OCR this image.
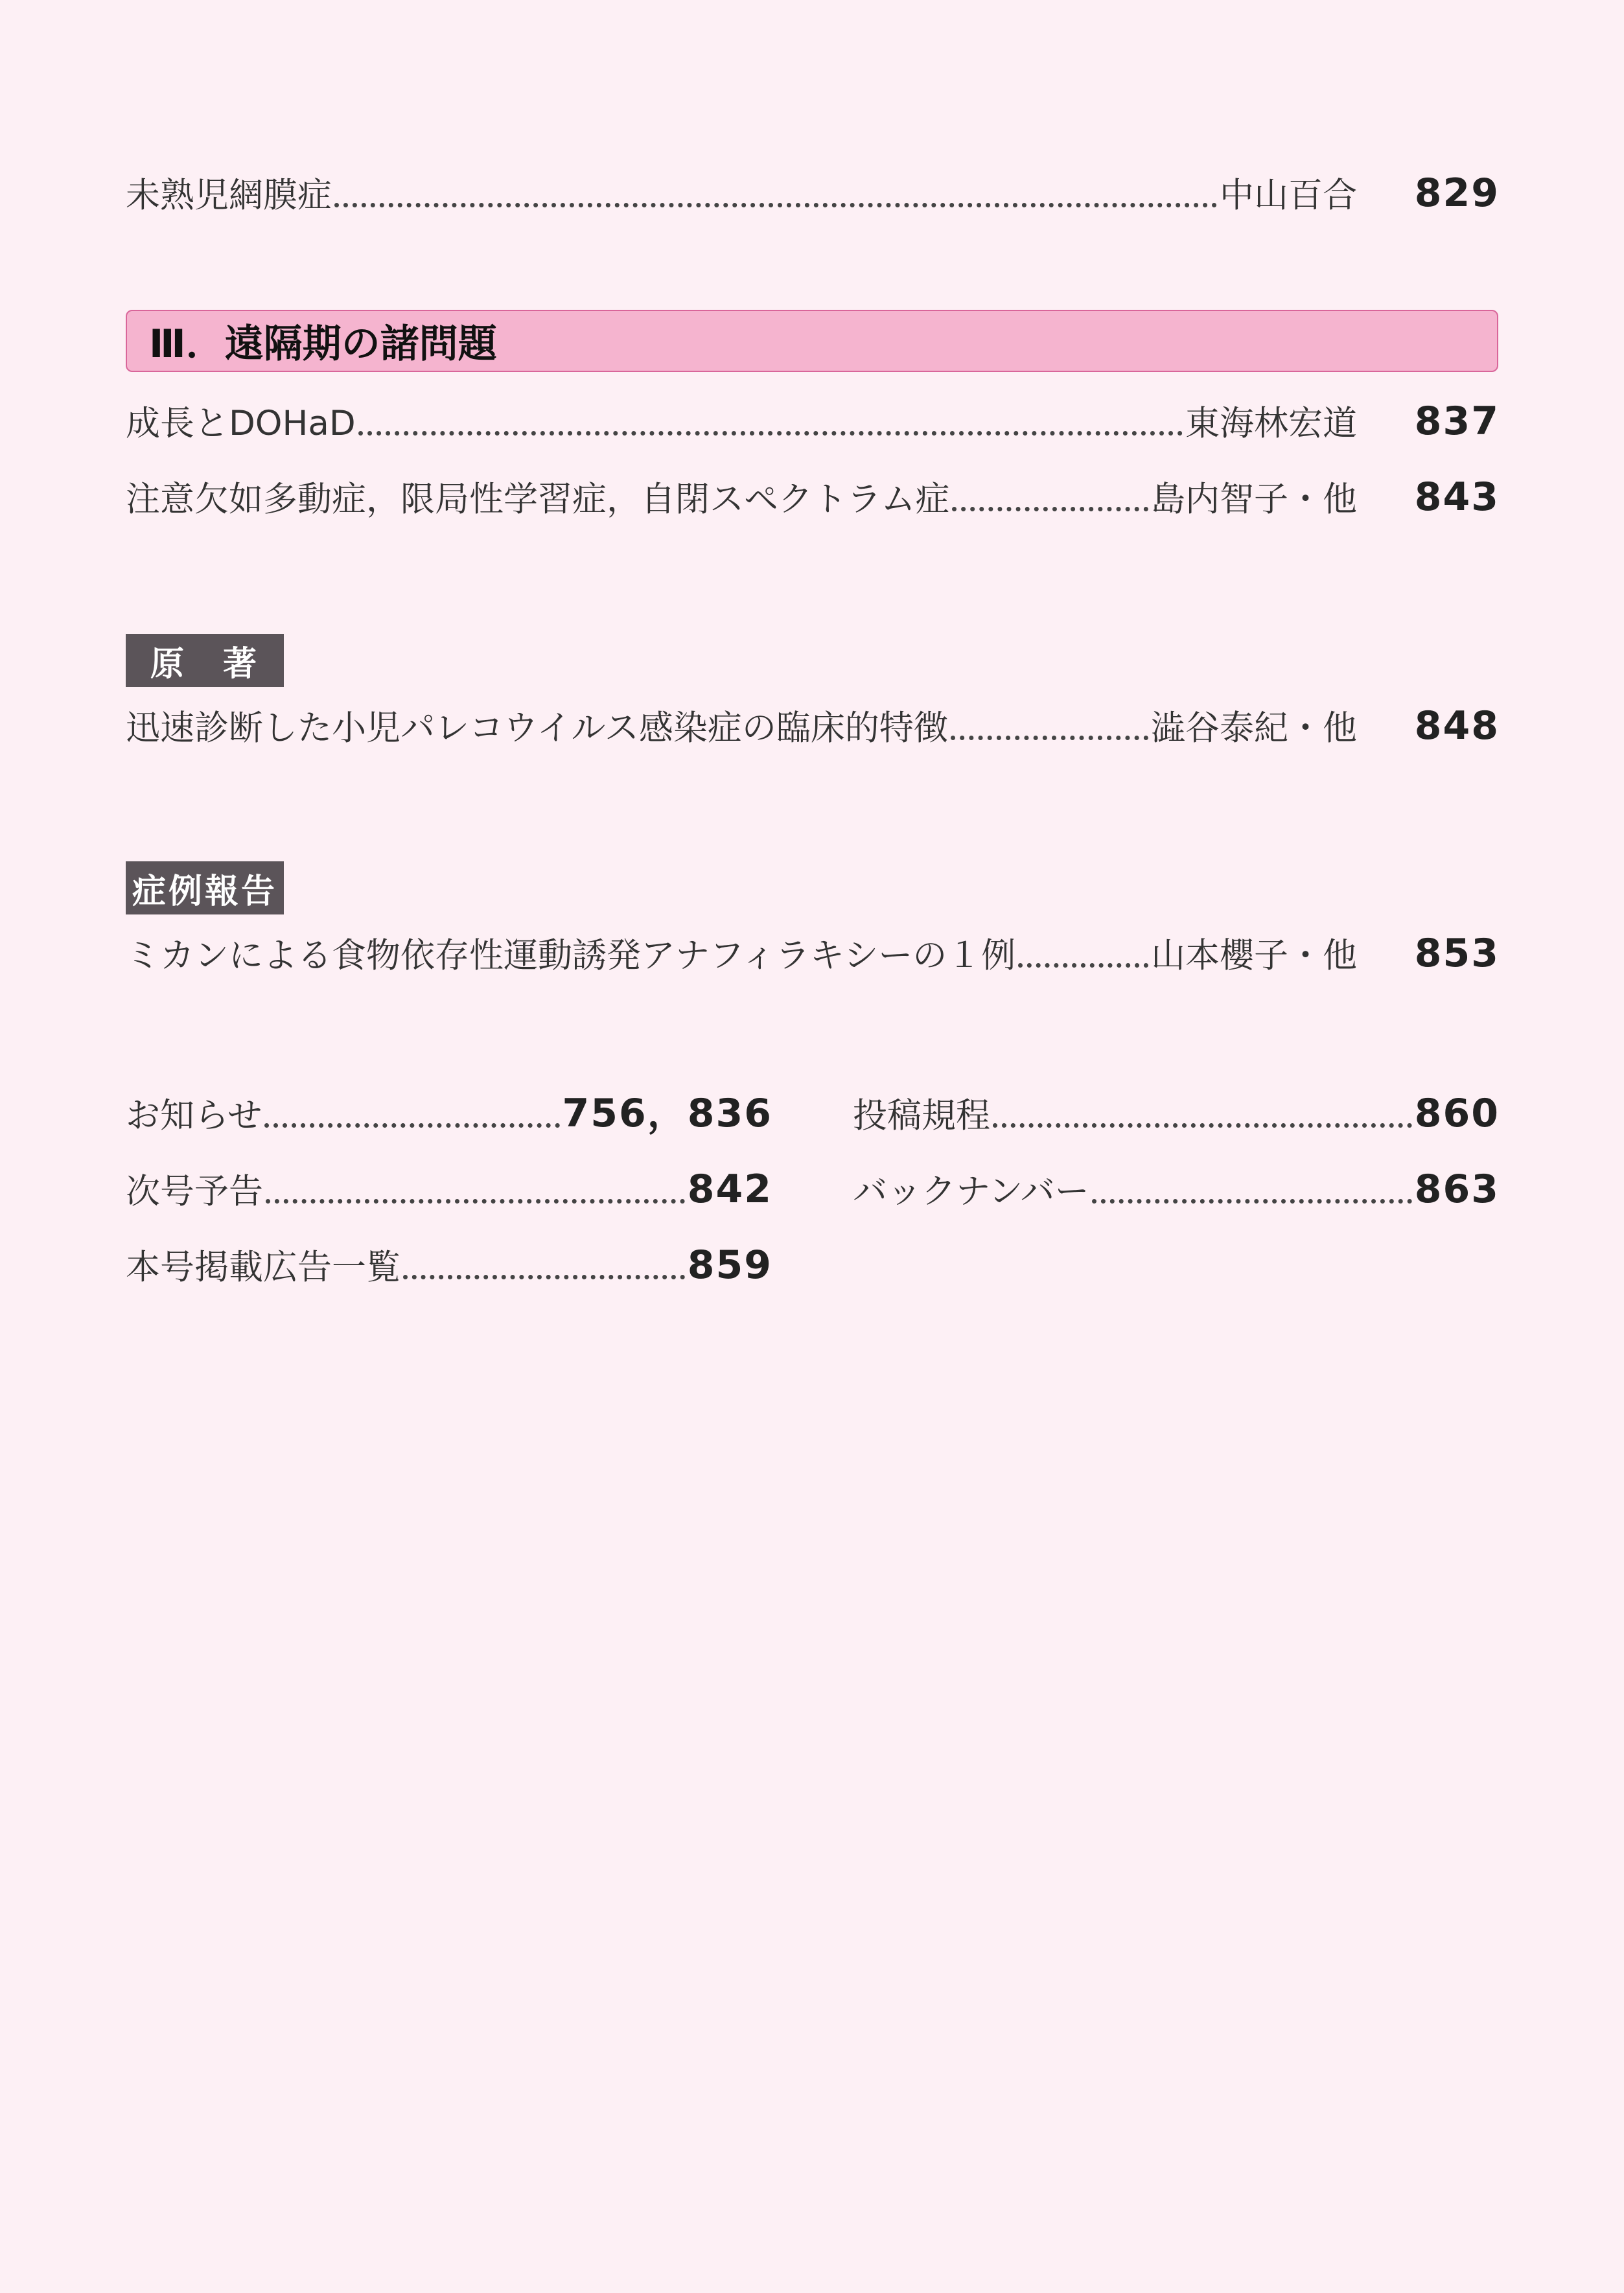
未熟児網膜症	中山百合	829
Ⅲ．遠隔期の諸問題
成長とDOHaD	東海林宏道	837
注意欠如多動症，限局性学習症，自閉スペクトラム症	島内智子・他	843
原　著
迅速診断した小児パレコウイルス感染症の臨床的特徴	澁谷泰紀・他	848
症例報告
ミカンによる食物依存性運動誘発アナフィラキシーの１例	山本櫻子・他	853
お知らせ	756，836
次号予告	842
本号掲載広告一覧	859
投稿規程	860
バックナンバー	863
